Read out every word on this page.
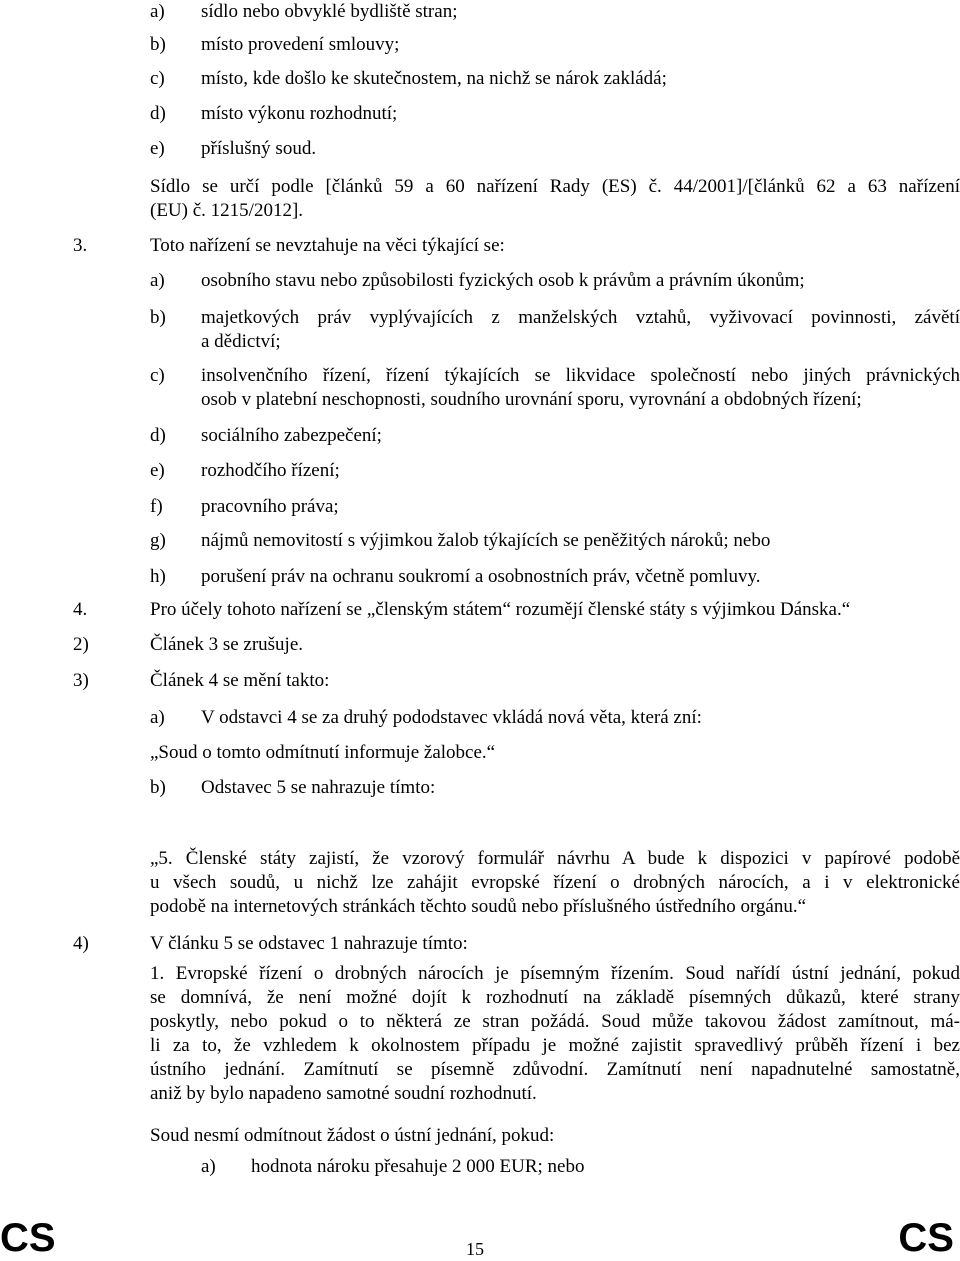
a) sídlo nebo obvyklé bydliště stran;
b) místo provedení smlouvy;
c) místo, kde došlo ke skutečnostem, na nichž se nárok zakládá;
d) místo výkonu rozhodnutí;
e) příslušný soud.
Sídlo se určí podle [článků 59 a 60 nařízení Rady (ES) č. 44/2001]/[článků 62 a 63 nařízení
(EU) č. 1215/2012].
3.	Toto nařízení se nevztahuje na věci týkající se:
a) osobního stavu nebo způsobilosti fyzických osob k právům a právním úkonům;
b) majetkových práv vyplývajících z manželských vztahů, vyživovací povinnosti, závětí
a dědictví;
c) insolvenčního řízení, řízení týkajících se likvidace společností nebo jiných právnických
osob v platební neschopnosti, soudního urovnání sporu, vyrovnání a obdobných řízení;
d) sociálního zabezpečení;
e) rozhodčího řízení;
f) pracovního práva;
g) nájmů nemovitostí s výjimkou žalob týkajících se peněžitých nároků; nebo
h) porušení práv na ochranu soukromí a osobnostních práv, včetně pomluvy.
4.	Pro účely tohoto nařízení se „členským státem“ rozumějí členské státy s výjimkou Dánska.“
2)	Článek 3 se zrušuje.
3)	Článek 4 se mění takto:
a) V odstavci 4 se za druhý pododstavec vkládá nová věta, která zní:
„Soud o tomto odmítnutí informuje žalobce.“
b) Odstavec 5 se nahrazuje tímto:
„5. Členské státy zajistí, že vzorový formulář návrhu A bude k dispozici v papírové podobě
u všech soudů, u nichž lze zahájit evropské řízení o drobných nárocích, a i v elektronické
podobě na internetových stránkách těchto soudů nebo příslušného ústředního orgánu.“
4)	V článku 5 se odstavec 1 nahrazuje tímto:
1. Evropské řízení o drobných nárocích je písemným řízením. Soud nařídí ústní jednání, pokud
se domnívá, že není možné dojít k rozhodnutí na základě písemných důkazů, které strany
poskytly, nebo pokud o to některá ze stran požádá. Soud může takovou žádost zamítnout, má-
li za to, že vzhledem k okolnostem případu je možné zajistit spravedlivý průběh řízení i bez
ústního jednání. Zamítnutí se písemně zdůvodní. Zamítnutí není napadnutelné samostatně,
aniž by bylo napadeno samotné soudní rozhodnutí.
Soud nesmí odmítnout žádost o ústní jednání, pokud:
a) hodnota nároku přesahuje 2 000 EUR; nebo
CS	15	CS
